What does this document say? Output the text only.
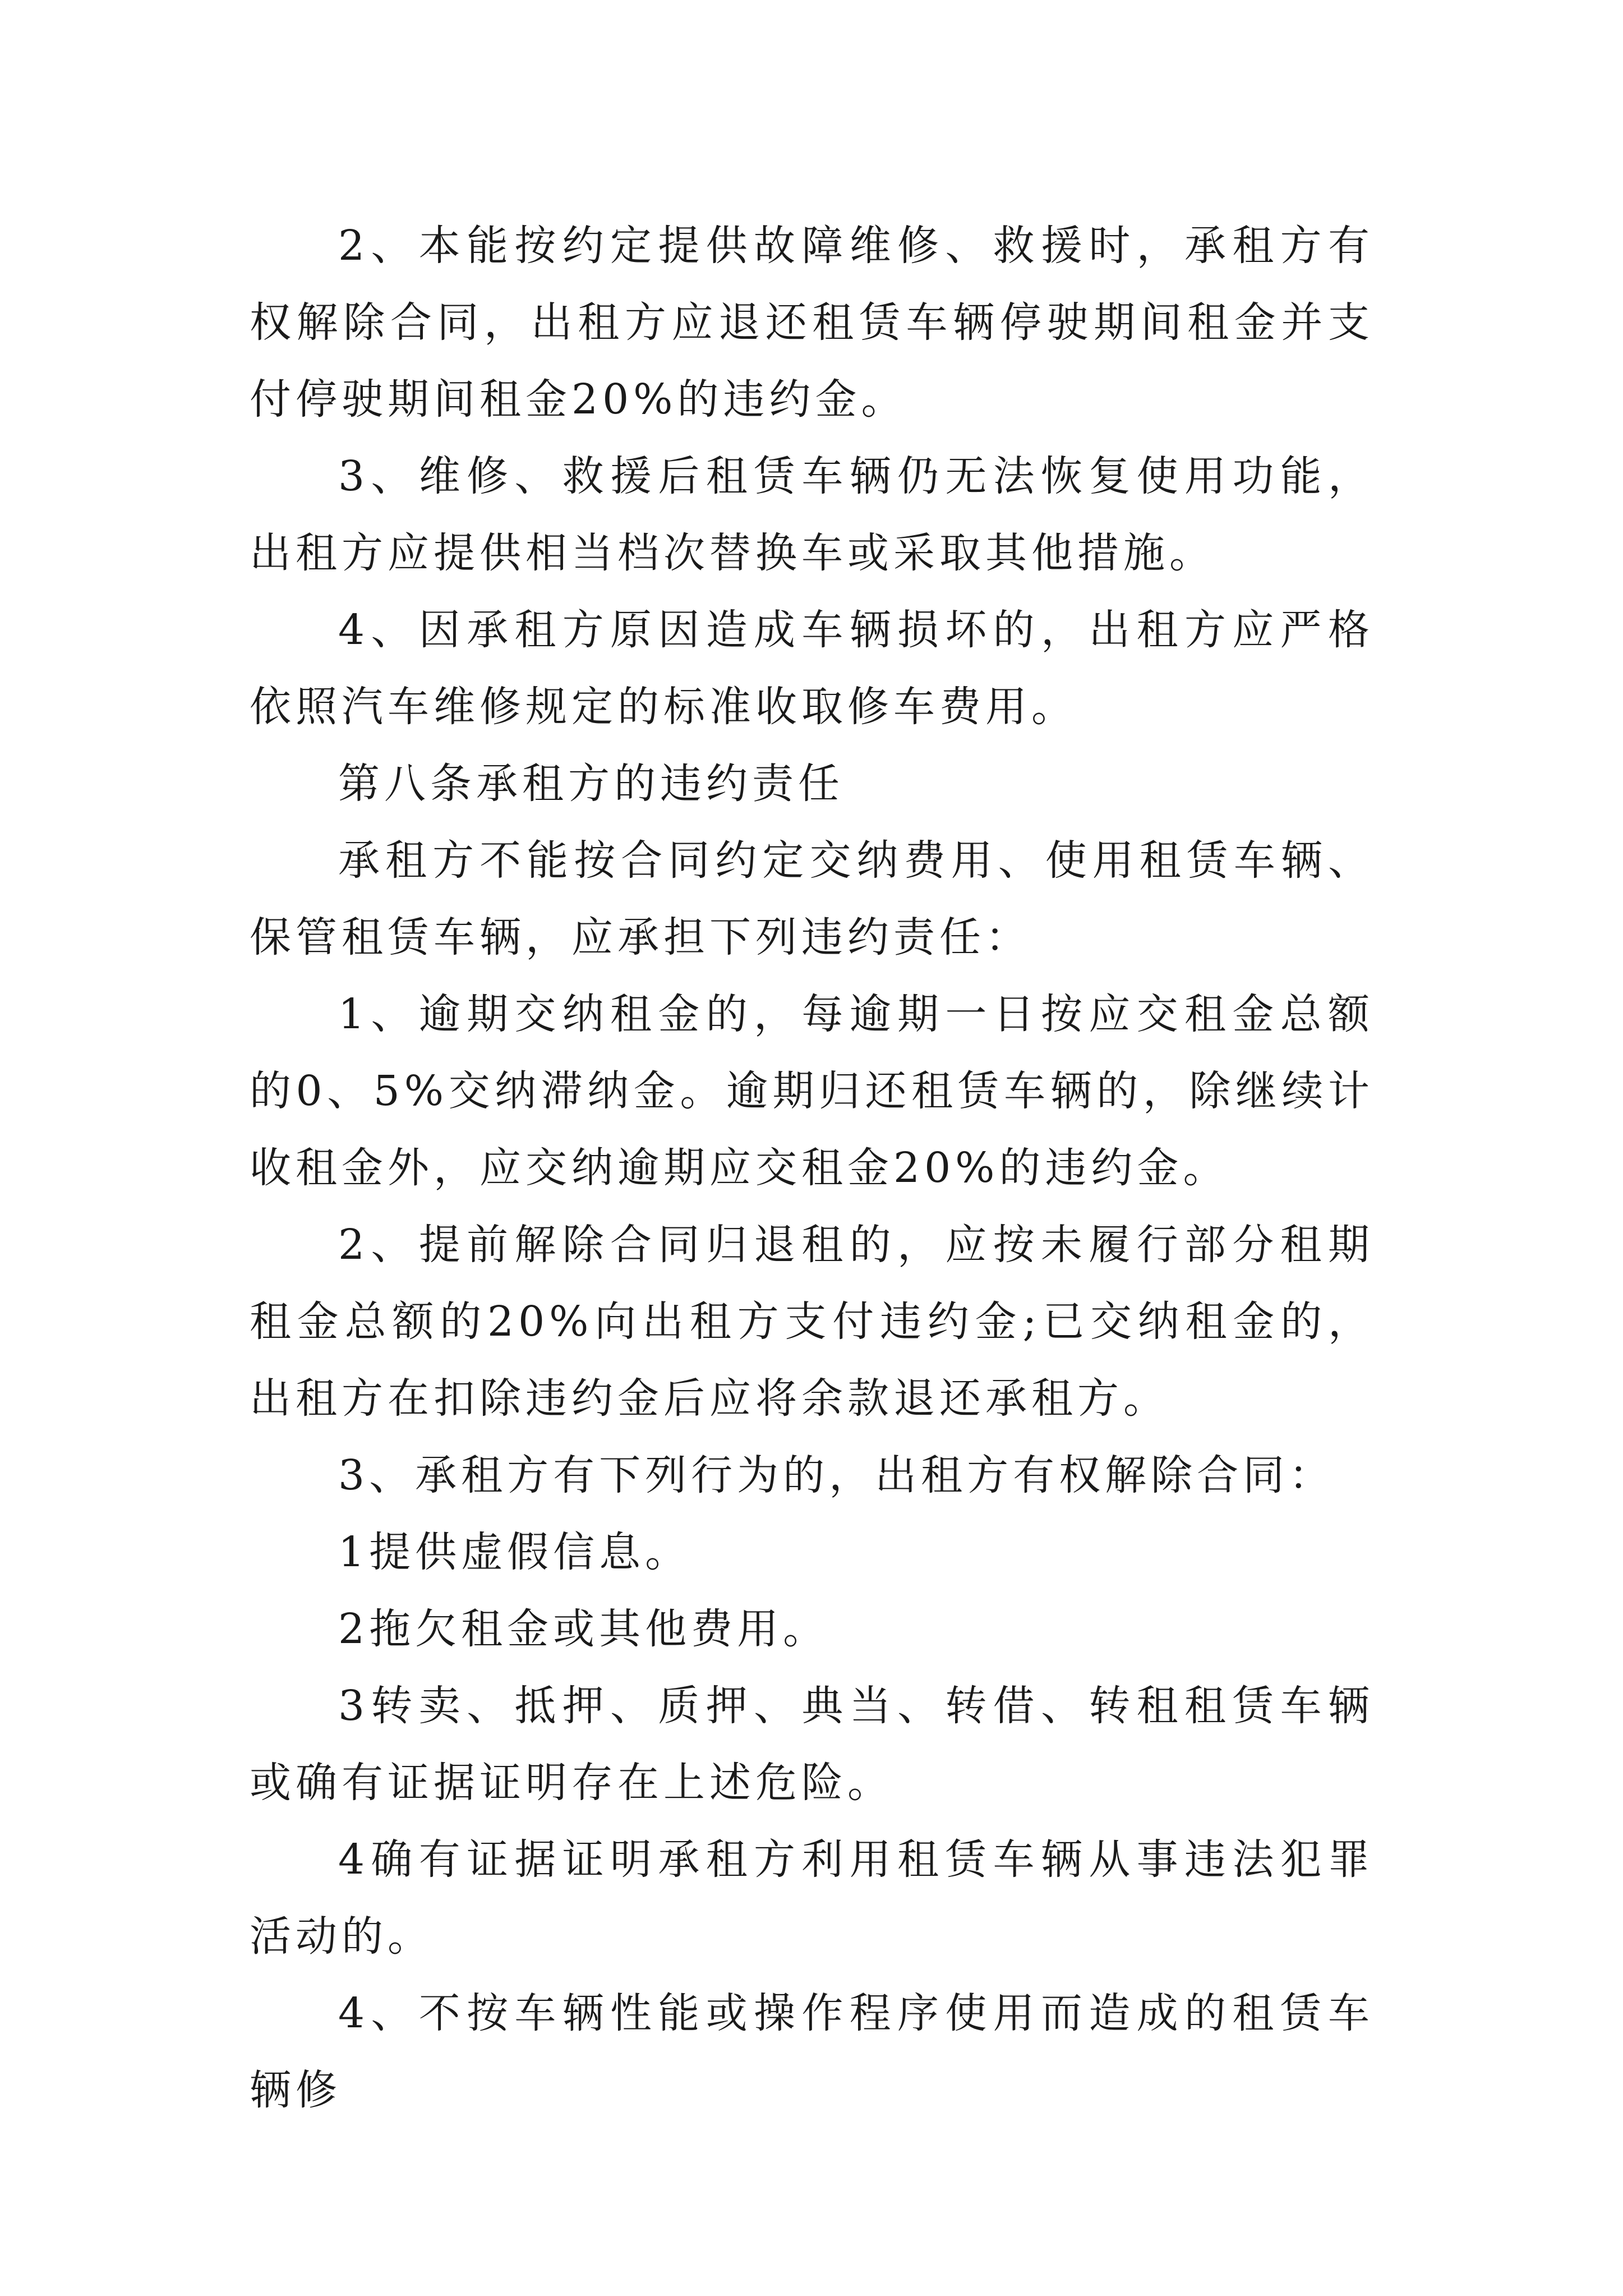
2、本能按约定提供故障维修、救援时，承租方有权解除合同，出租方应退还租赁车辆停驶期间租金并支付停驶期间租金20%的违约金。

3、维修、救援后租赁车辆仍无法恢复使用功能，出租方应提供相当档次替换车或采取其他措施。

4、因承租方原因造成车辆损坏的，出租方应严格依照汽车维修规定的标准收取修车费用。

第八条承租方的违约责任

承租方不能按合同约定交纳费用、使用租赁车辆、保管租赁车辆，应承担下列违约责任：

1、逾期交纳租金的，每逾期一日按应交租金总额的0、5%交纳滞纳金。逾期归还租赁车辆的，除继续计收租金外，应交纳逾期应交租金20%的违约金。

2、提前解除合同归退租的，应按未履行部分租期租金总额的20%向出租方支付违约金;已交纳租金的，出租方在扣除违约金后应将余款退还承租方。

3、承租方有下列行为的，出租方有权解除合同：

1提供虚假信息。

2拖欠租金或其他费用。

3转卖、抵押、质押、典当、转借、转租租赁车辆或确有证据证明存在上述危险。

4确有证据证明承租方利用租赁车辆从事违法犯罪活动的。

4、不按车辆性能或操作程序使用而造成的租赁车辆修
